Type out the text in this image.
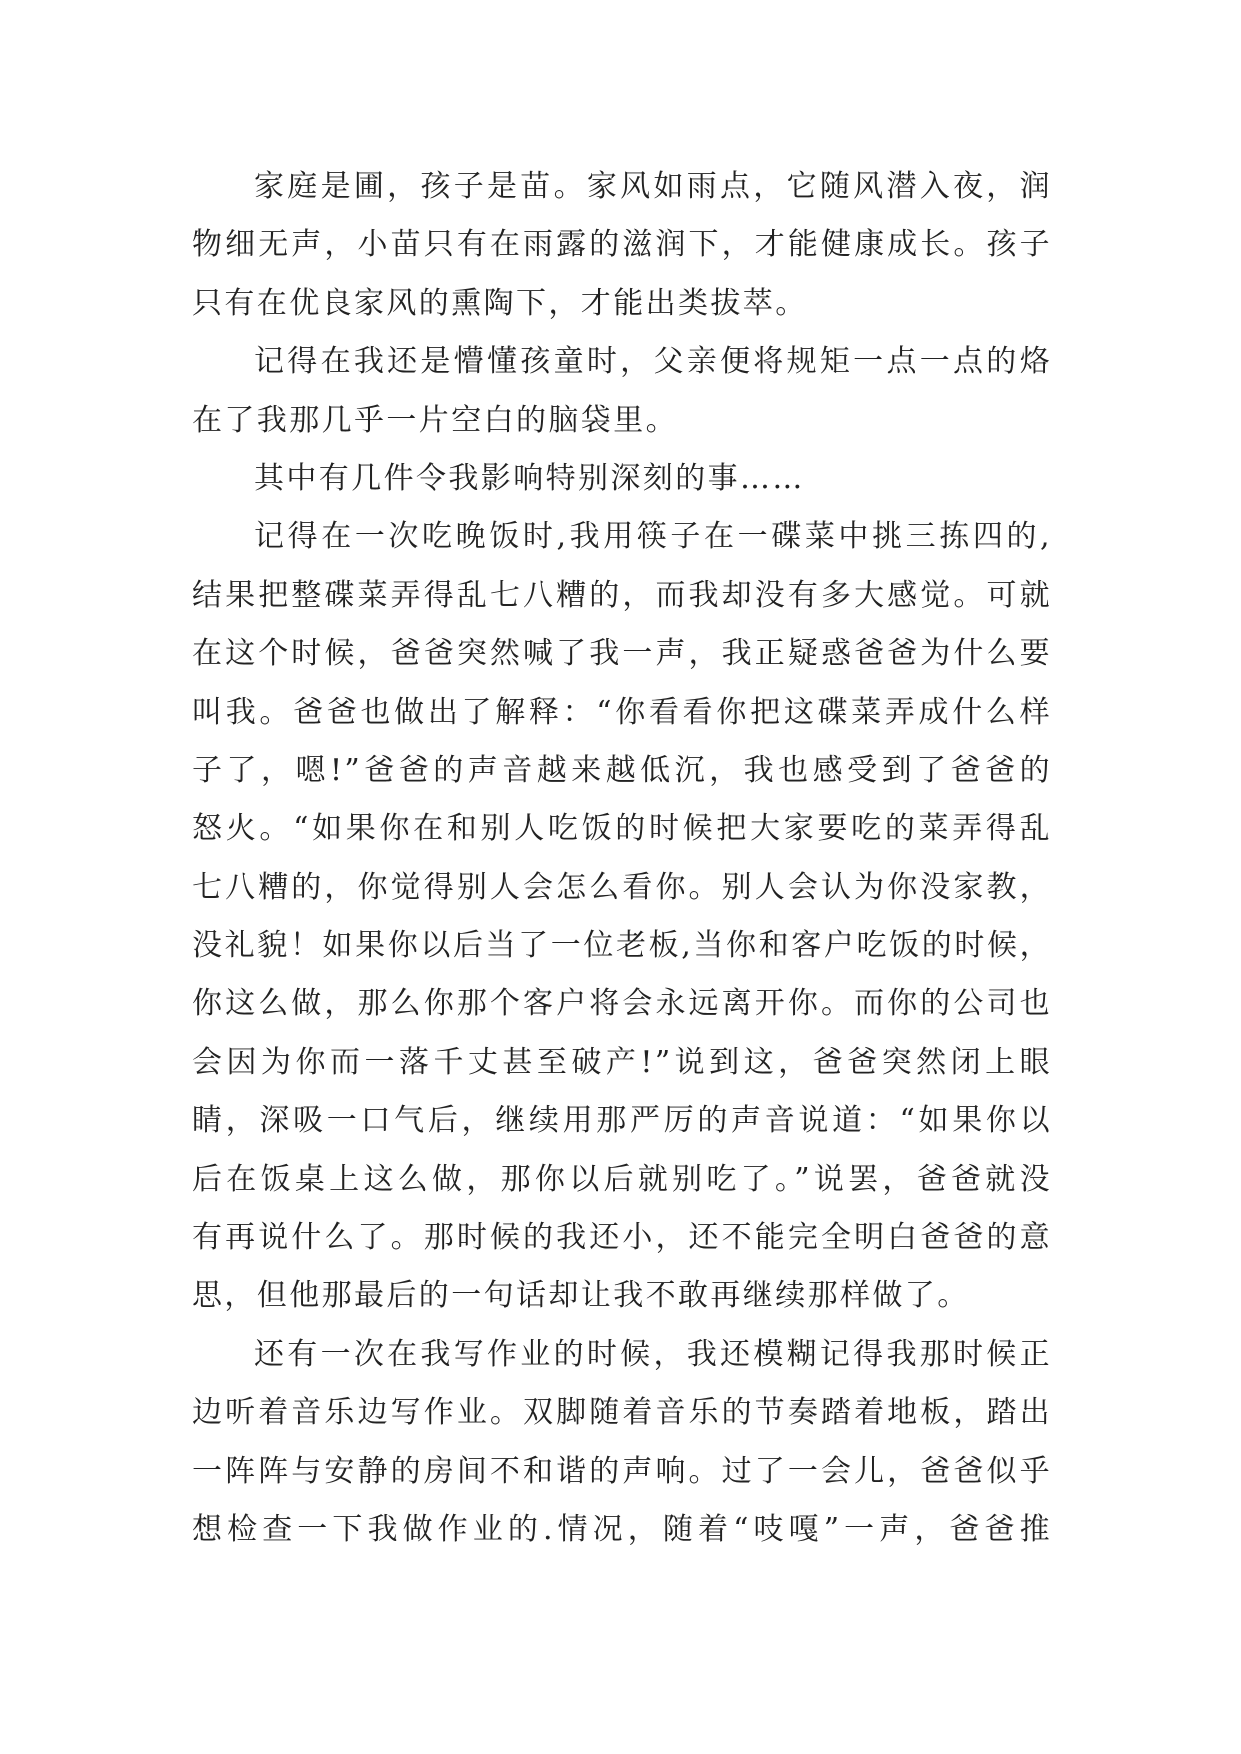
家庭是圃，孩子是苗。家风如雨点，它随风潜入夜，润
物细无声，小苗只有在雨露的滋润下，才能健康成长。孩子
只有在优良家风的熏陶下，才能出类拔萃。
记得在我还是懵懂孩童时，父亲便将规矩一点一点的烙
在了我那几乎一片空白的脑袋里。
其中有几件令我影响特别深刻的事……
记得在一次吃晚饭时,我用筷子在一碟菜中挑三拣四的,
结果把整碟菜弄得乱七八糟的，而我却没有多大感觉。可就
在这个时候，爸爸突然喊了我一声，我正疑惑爸爸为什么要
叫我。爸爸也做出了解释：“你看看你把这碟菜弄成什么样
子了，嗯!”爸爸的声音越来越低沉，我也感受到了爸爸的
怒火。“如果你在和别人吃饭的时候把大家要吃的菜弄得乱
七八糟的，你觉得别人会怎么看你。别人会认为你没家教，
没礼貌！如果你以后当了一位老板,当你和客户吃饭的时候，
你这么做，那么你那个客户将会永远离开你。而你的公司也
会因为你而一落千丈甚至破产!”说到这，爸爸突然闭上眼
睛，深吸一口气后，继续用那严厉的声音说道：“如果你以
后在饭桌上这么做，那你以后就别吃了。”说罢，爸爸就没
有再说什么了。那时候的我还小，还不能完全明白爸爸的意
思，但他那最后的一句话却让我不敢再继续那样做了。
还有一次在我写作业的时候，我还模糊记得我那时候正
边听着音乐边写作业。双脚随着音乐的节奏踏着地板，踏出
一阵阵与安静的房间不和谐的声响。过了一会儿，爸爸似乎
想检查一下我做作业的.情况，随着“吱嘎”一声，爸爸推
